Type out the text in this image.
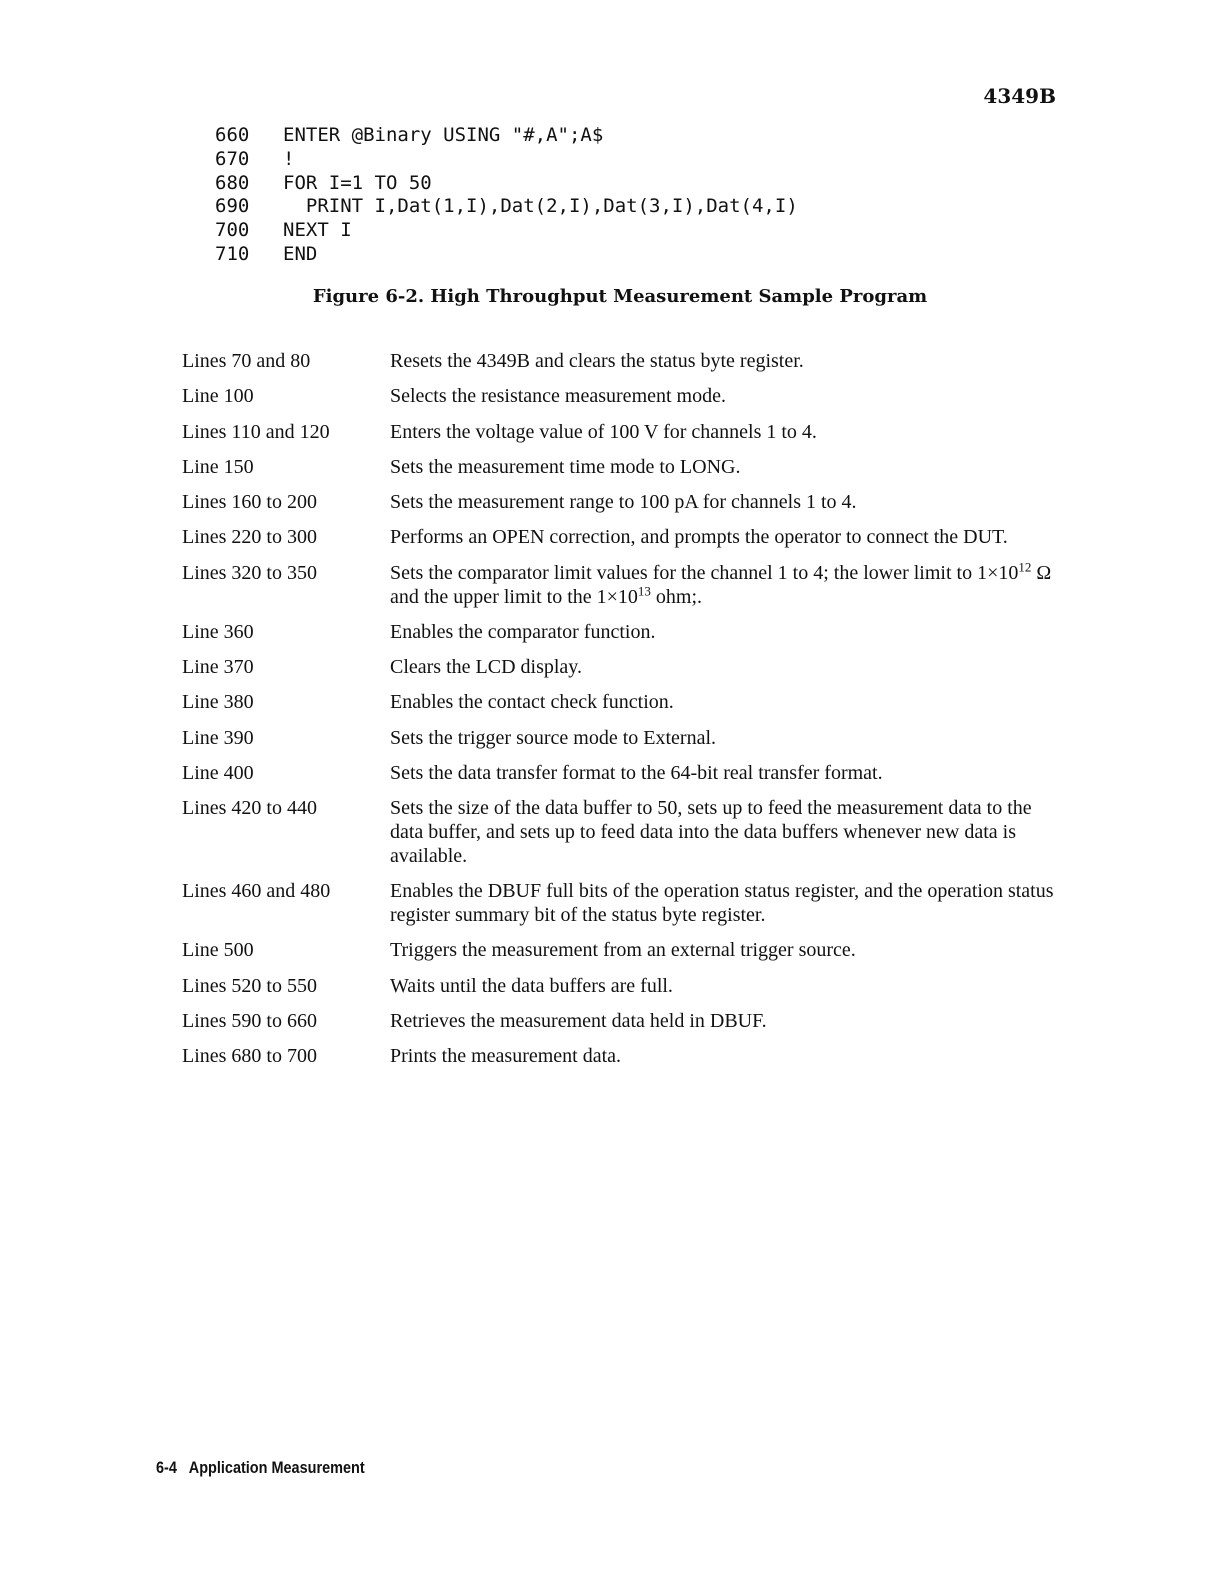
4349B
660	ENTER @Binary USING "#,A";A$
670	!
680	FOR I=1 TO 50
690	PRINT I,Dat(1,I),Dat(2,I),Dat(3,I),Dat(4,I)
700	NEXT I
710	END
Figure 6-2. High Throughput Measurement Sample Program
Lines 70 and 80	Resets the 4349B and clears the status byte register.
Line 100	Selects the resistance measurement mode.
Lines 110 and 120	Enters the voltage value of 100 V for channels 1 to 4.
Line 150	Sets the measurement time mode to LONG.
Lines 160 to 200	Sets the measurement range to 100 pA for channels 1 to 4.
Lines 220 to 300	Performs an OPEN correction, and prompts the operator to connect the DUT.
Lines 320 to 350	Sets the comparator limit values for the channel 1 to 4; the lower limit to $1\times 10^{12}$ Ω and the upper limit to the $1\times 10^{13}$ ohm;.
Line 360	Enables the comparator function.
Line 370	Clears the LCD display.
Line 380	Enables the contact check function.
Line 390	Sets the trigger source mode to External.
Line 400	Sets the data transfer format to the 64-bit real transfer format.
Lines 420 to 440	Sets the size of the data buffer to 50, sets up to feed the measurement data to the data buffer, and sets up to feed data into the data buffers whenever new data is available.
Lines 460 and 480	Enables the DBUF full bits of the operation status register, and the operation status register summary bit of the status byte register.
Line 500	Triggers the measurement from an external trigger source.
Lines 520 to 550	Waits until the data buffers are full.
Lines 590 to 660	Retrieves the measurement data held in DBUF.
Lines 680 to 700	Prints the measurement data.
6-4 Application Measurement
